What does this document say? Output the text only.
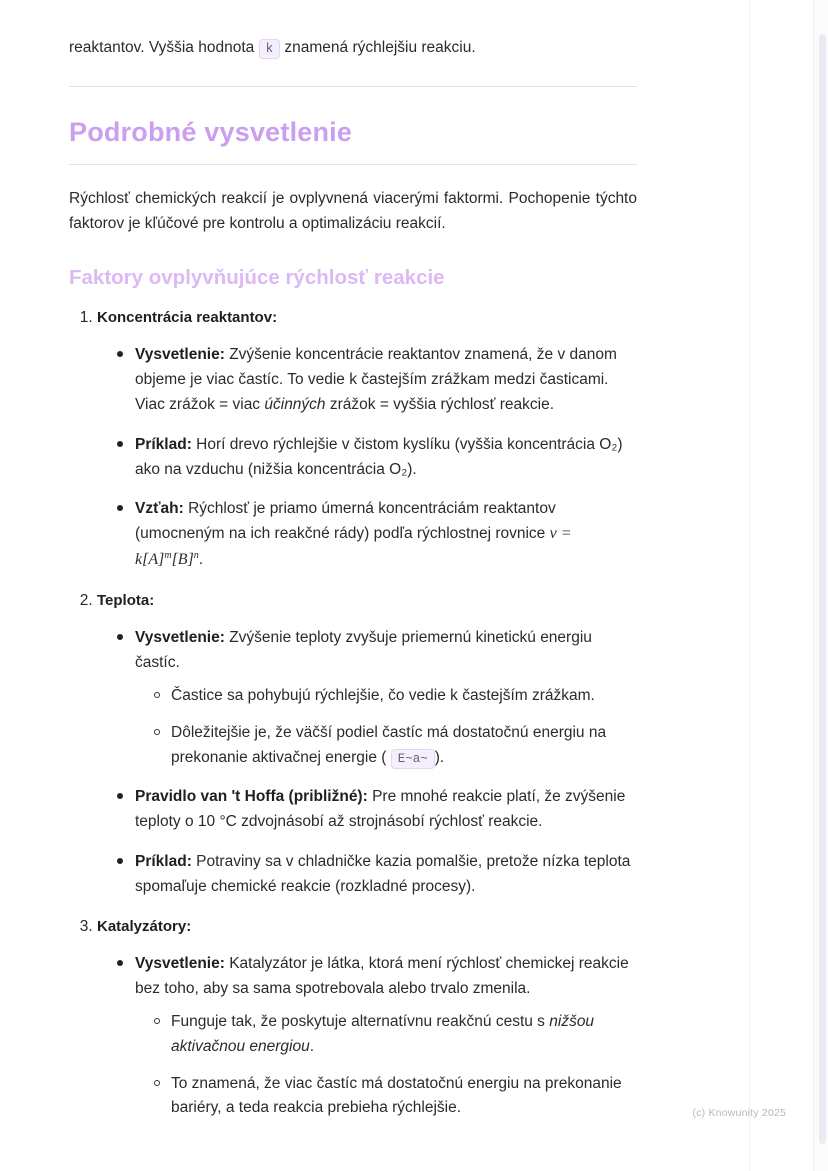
reaktantov. Vyššia hodnota k znamená rýchlejšiu reakciu.

Podrobné vysvetlenie

Rýchlosť chemických reakcií je ovplyvnená viacerými faktormi. Pochopenie týchto faktorov je kľúčové pre kontrolu a optimalizáciu reakcií.

Faktory ovplyvňujúce rýchlosť reakcie
1. Koncentrácia reaktantov:
Vysvetlenie: Zvýšenie koncentrácie reaktantov znamená, že v danom objeme je viac častíc. To vedie k častejším zrážkam medzi časticami. Viac zrážok = viac účinných zrážok = vyššia rýchlosť reakcie.
Príklad: Horí drevo rýchlejšie v čistom kyslíku (vyššia koncentrácia O₂) ako na vzduchu (nižšia koncentrácia O₂).
Vzťah: Rýchlosť je priamo úmerná koncentráciám reaktantov (umocneným na ich reakčné rády) podľa rýchlostnej rovnice $v = k[A]^m[B]^n$.
2. Teplota:
Vysvetlenie: Zvýšenie teploty zvyšuje priemernú kinetickú energiu častíc.
Častice sa pohybujú rýchlejšie, čo vedie k častejším zrážkam.
Dôležitejšie je, že väčší podiel častíc má dostatočnú energiu na prekonanie aktivačnej energie ( E~a~ ).
Pravidlo van 't Hoffa (približné): Pre mnohé reakcie platí, že zvýšenie teploty o 10 °C zdvojnásobí až strojnásobí rýchlosť reakcie.
Príklad: Potraviny sa v chladničke kazia pomalšie, pretože nízka teplota spomaľuje chemické reakcie (rozkladné procesy).
3. Katalyzátory:
Vysvetlenie: Katalyzátor je látka, ktorá mení rýchlosť chemickej reakcie bez toho, aby sa sama spotrebovala alebo trvalo zmenila.
Funguje tak, že poskytuje alternatívnu reakčnú cestu s nižšou aktivačnou energiou.
To znamená, že viac častíc má dostatočnú energiu na prekonanie bariéry, a teda reakcia prebieha rýchlejšie.	(c) Knowunity 2025
